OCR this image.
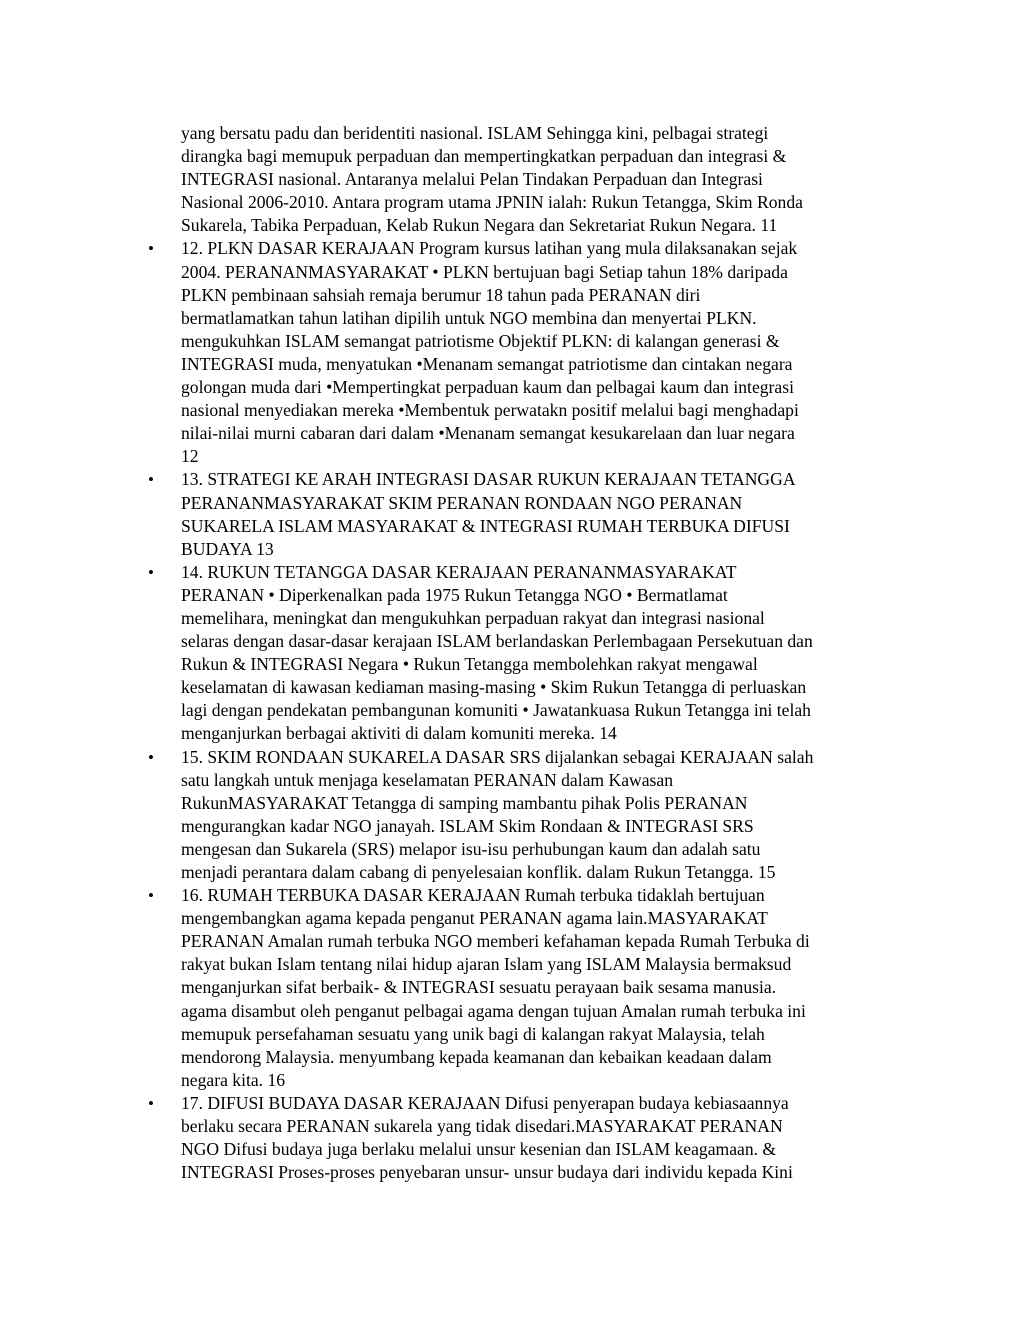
yang bersatu padu dan beridentiti nasional. ISLAM Sehingga kini, pelbagai strategi
dirangka bagi memupuk perpaduan dan mempertingkatkan perpaduan dan integrasi &
INTEGRASI nasional. Antaranya melalui Pelan Tindakan Perpaduan dan Integrasi
Nasional 2006-2010. Antara program utama JPNIN ialah: Rukun Tetangga, Skim Ronda
Sukarela, Tabika Perpaduan, Kelab Rukun Negara dan Sekretariat Rukun Negara. 11

• 12. PLKN DASAR KERAJAAN Program kursus latihan yang mula dilaksanakan sejak
2004. PERANANMASYARAKAT • PLKN bertujuan bagi Setiap tahun 18% daripada
PLKN pembinaan sahsiah remaja berumur 18 tahun pada PERANAN diri
bermatlamatkan tahun latihan dipilih untuk NGO membina dan menyertai PLKN.
mengukuhkan ISLAM semangat patriotisme Objektif PLKN: di kalangan generasi &
INTEGRASI muda, menyatukan •Menanam semangat patriotisme dan cintakan negara
golongan muda dari •Mempertingkat perpaduan kaum dan pelbagai kaum dan integrasi
nasional menyediakan mereka •Membentuk perwatakn positif melalui bagi menghadapi
nilai-nilai murni cabaran dari dalam •Menanam semangat kesukarelaan dan luar negara
12
• 13. STRATEGI KE ARAH INTEGRASI DASAR RUKUN KERAJAAN TETANGGA
PERANANMASYARAKAT SKIM PERANAN RONDAAN NGO PERANAN
SUKARELA ISLAM MASYARAKAT & INTEGRASI RUMAH TERBUKA DIFUSI
BUDAYA 13
• 14. RUKUN TETANGGA DASAR KERAJAAN PERANANMASYARAKAT
PERANAN • Diperkenalkan pada 1975 Rukun Tetangga NGO • Bermatlamat
memelihara, meningkat dan mengukuhkan perpaduan rakyat dan integrasi nasional
selaras dengan dasar-dasar kerajaan ISLAM berlandaskan Perlembagaan Persekutuan dan
Rukun & INTEGRASI Negara • Rukun Tetangga membolehkan rakyat mengawal
keselamatan di kawasan kediaman masing-masing • Skim Rukun Tetangga di perluaskan
lagi dengan pendekatan pembangunan komuniti • Jawatankuasa Rukun Tetangga ini telah
menganjurkan berbagai aktiviti di dalam komuniti mereka. 14
• 15. SKIM RONDAAN SUKARELA DASAR SRS dijalankan sebagai KERAJAAN salah
satu langkah untuk menjaga keselamatan PERANAN dalam Kawasan
RukunMASYARAKAT Tetangga di samping mambantu pihak Polis PERANAN
mengurangkan kadar NGO janayah. ISLAM Skim Rondaan & INTEGRASI SRS
mengesan dan Sukarela (SRS) melapor isu-isu perhubungan kaum dan adalah satu
menjadi perantara dalam cabang di penyelesaian konflik. dalam Rukun Tetangga. 15
• 16. RUMAH TERBUKA DASAR KERAJAAN Rumah terbuka tidaklah bertujuan
mengembangkan agama kepada penganut PERANAN agama lain.MASYARAKAT
PERANAN Amalan rumah terbuka NGO memberi kefahaman kepada Rumah Terbuka di
rakyat bukan Islam tentang nilai hidup ajaran Islam yang ISLAM Malaysia bermaksud
menganjurkan sifat berbaik- & INTEGRASI sesuatu perayaan baik sesama manusia.
agama disambut oleh penganut pelbagai agama dengan tujuan Amalan rumah terbuka ini
memupuk persefahaman sesuatu yang unik bagi di kalangan rakyat Malaysia, telah
mendorong Malaysia. menyumbang kepada keamanan dan kebaikan keadaan dalam
negara kita. 16
• 17. DIFUSI BUDAYA DASAR KERAJAAN Difusi penyerapan budaya kebiasaannya
berlaku secara PERANAN sukarela yang tidak disedari.MASYARAKAT PERANAN
NGO Difusi budaya juga berlaku melalui unsur kesenian dan ISLAM keagamaan. &
INTEGRASI Proses-proses penyebaran unsur- unsur budaya dari individu kepada Kini
